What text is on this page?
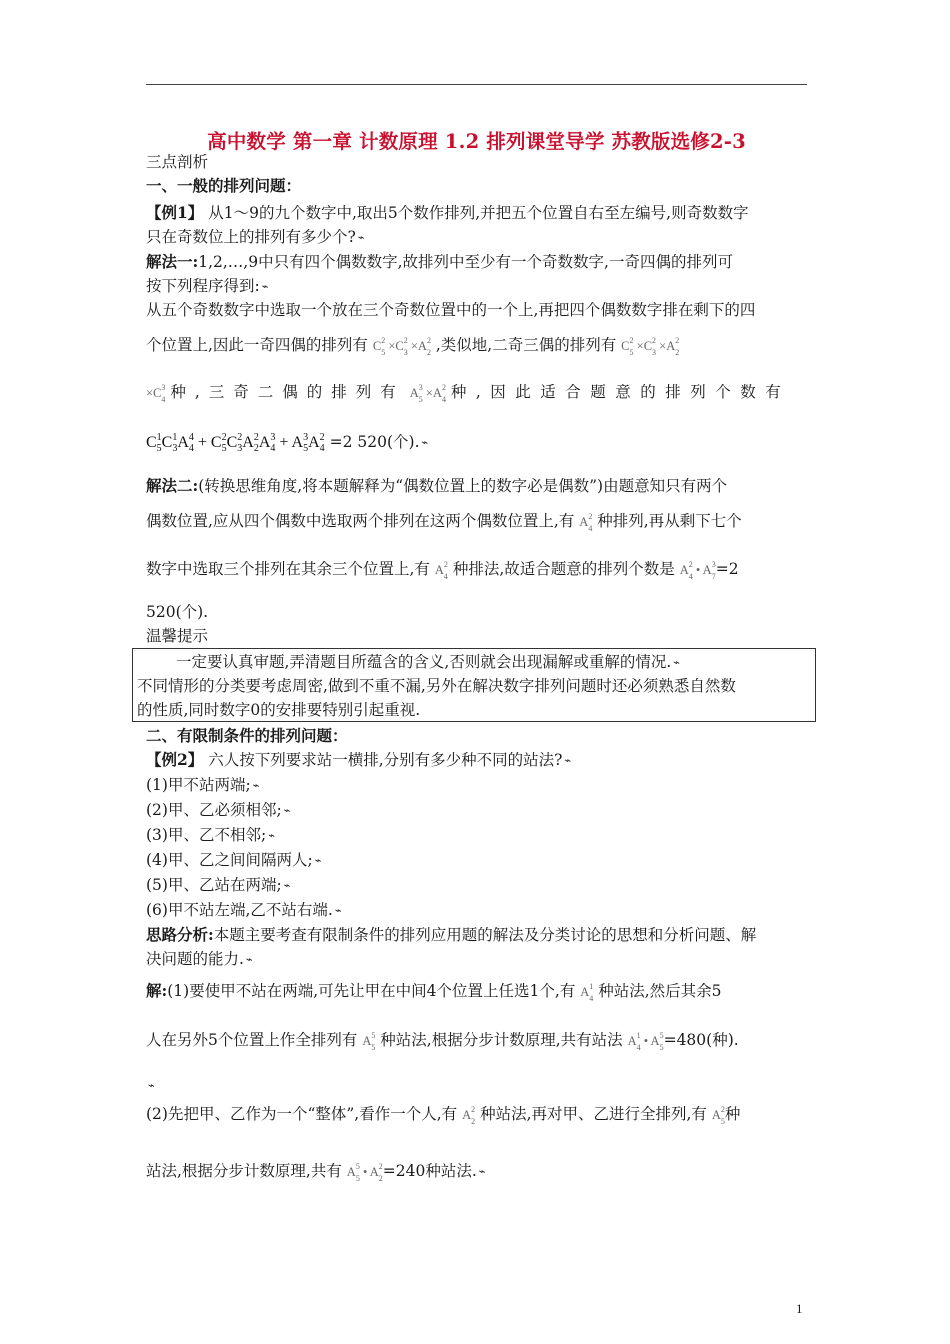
高中数学 第一章 计数原理 1.2 排列课堂导学 苏教版选修2-3
三点剖析
一、一般的排列问题：
【例1】 从1～9的九个数字中,取出5个数作排列,并把五个位置自右至左编号,则奇数数字
只在奇数位上的排列有多少个? ⌁
解法一:1,2,…,9中只有四个偶数数字,故排列中至少有一个奇数数字,一奇四偶的排列可
按下列程序得到: ⌁
从五个奇数数字中选取一个放在三个奇数位置中的一个上,再把四个偶数数字排在剩下的四
个位置上,因此一奇四偶的排列有 $C_5^2 \times C_3^2 \times A_2^2$ ,类似地,二奇三偶的排列有 $C_5^2 \times C_3^2 \times A_2^2$
$\times C_4^3$ 种,三奇二偶的排列有 $A_5^3 \times A_4^2$ 种,因此适合题意的排列个数有
$C_5^1C_3^1A_4^4 + C_5^2C_3^2A_2^2A_4^3 + A_5^3A_4^2 =2$ 520(个). ⌁
解法二:(转换思维角度,将本题解释为“偶数位置上的数字必是偶数”)由题意知只有两个
偶数位置,应从四个偶数中选取两个排列在这两个偶数位置上,有 $A_4^2$ 种排列,再从剩下七个
数字中选取三个排列在其余三个位置上,有 $A_4^2$ 种排法,故适合题意的排列个数是 $A_4^2$ • $A_7^3=2$
520(个).
温馨提示
一定要认真审题,弄清题目所蕴含的含义,否则就会出现漏解或重解的情况. ⌁
不同情形的分类要考虑周密,做到不重不漏,另外在解决数字排列问题时还必须熟悉自然数
的性质,同时数字0的安排要特别引起重视.
二、有限制条件的排列问题：
【例2】 六人按下列要求站一横排,分别有多少种不同的站法? ⌁
(1)甲不站两端; ⌁
(2)甲、乙必须相邻; ⌁
(3)甲、乙不相邻; ⌁
(4)甲、乙之间间隔两人; ⌁
(5)甲、乙站在两端; ⌁
(6)甲不站左端,乙不站右端. ⌁
思路分析:本题主要考查有限制条件的排列应用题的解法及分类讨论的思想和分析问题、解
决问题的能力. ⌁
解:(1)要使甲不站在两端,可先让甲在中间4个位置上任选1个,有 $A_4^1$ 种站法,然后其余5
人在另外5个位置上作全排列有 $A_5^5$ 种站法,根据分步计数原理,共有站法 $A_4^1$ • $A_5^5=480$(种).
⌁
(2)先把甲、乙作为一个“整体”,看作一个人,有 $A_2^2$ 种站法,再对甲、乙进行全排列,有 $A_5^2$种
站法,根据分步计数原理,共有 $A_5^5$ • $A_2^2=240$种站法. ⌁
1
